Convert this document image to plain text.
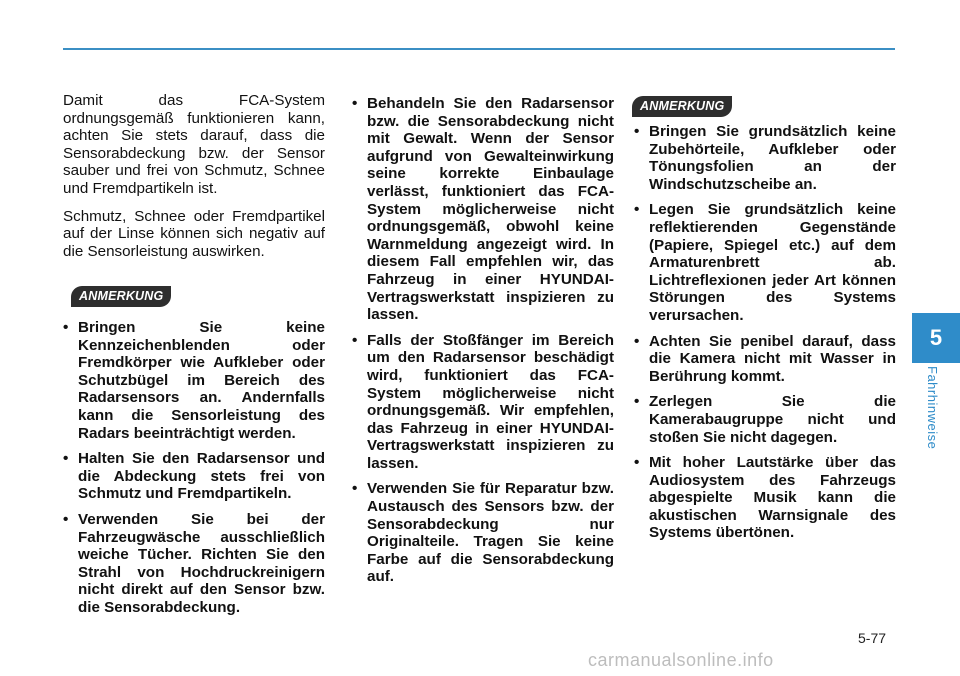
Damit das FCA-System ordnungsgemäß funktionieren kann, achten Sie stets darauf, dass die Sensorabdeckung bzw. der Sensor sauber und frei von Schmutz, Schnee und Fremdpartikeln ist.

Schmutz, Schnee oder Fremdpartikel auf der Linse können sich negativ auf die Sensorleistung auswirken.

ANMERKUNG
• Bringen Sie keine Kennzeichenblenden oder Fremdkörper wie Aufkleber oder Schutzbügel im Bereich des Radarsensors an. Andernfalls kann die Sensorleistung des Radars beeinträchtigt werden.
• Halten Sie den Radarsensor und die Abdeckung stets frei von Schmutz und Fremdpartikeln.
• Verwenden Sie bei der Fahrzeugwäsche ausschließlich weiche Tücher. Richten Sie den Strahl von Hochdruckreinigern nicht direkt auf den Sensor bzw. die Sensorabdeckung.
• Behandeln Sie den Radarsensor bzw. die Sensorabdeckung nicht mit Gewalt. Wenn der Sensor aufgrund von Gewalteinwirkung seine korrekte Einbaulage verlässt, funktioniert das FCA-System möglicherweise nicht ordnungsgemäß, obwohl keine Warnmeldung angezeigt wird. In diesem Fall empfehlen wir, das Fahrzeug in einer HYUNDAI-Vertragswerkstatt inspizieren zu lassen.
• Falls der Stoßfänger im Bereich um den Radarsensor beschädigt wird, funktioniert das FCA-System möglicherweise nicht ordnungsgemäß. Wir empfehlen, das Fahrzeug in einer HYUNDAI-Vertragswerkstatt inspizieren zu lassen.
• Verwenden Sie für Reparatur bzw. Austausch des Sensors bzw. der Sensorabdeckung nur Originalteile. Tragen Sie keine Farbe auf die Sensorabdeckung auf.
ANMERKUNG
• Bringen Sie grundsätzlich keine Zubehörteile, Aufkleber oder Tönungsfolien an der Windschutzscheibe an.
• Legen Sie grundsätzlich keine reflektierenden Gegenstände (Papiere, Spiegel etc.) auf dem Armaturenbrett ab. Lichtreflexionen jeder Art können Störungen des Systems verursachen.
• Achten Sie penibel darauf, dass die Kamera nicht mit Wasser in Berührung kommt.
• Zerlegen Sie die Kamerabaugruppe nicht und stoßen Sie nicht dagegen.
• Mit hoher Lautstärke über das Audiosystem des Fahrzeugs abgespielte Musik kann die akustischen Warnsignale des Systems übertönen.
5
Fahrhinweise
5-77
carmanualsonline.info
